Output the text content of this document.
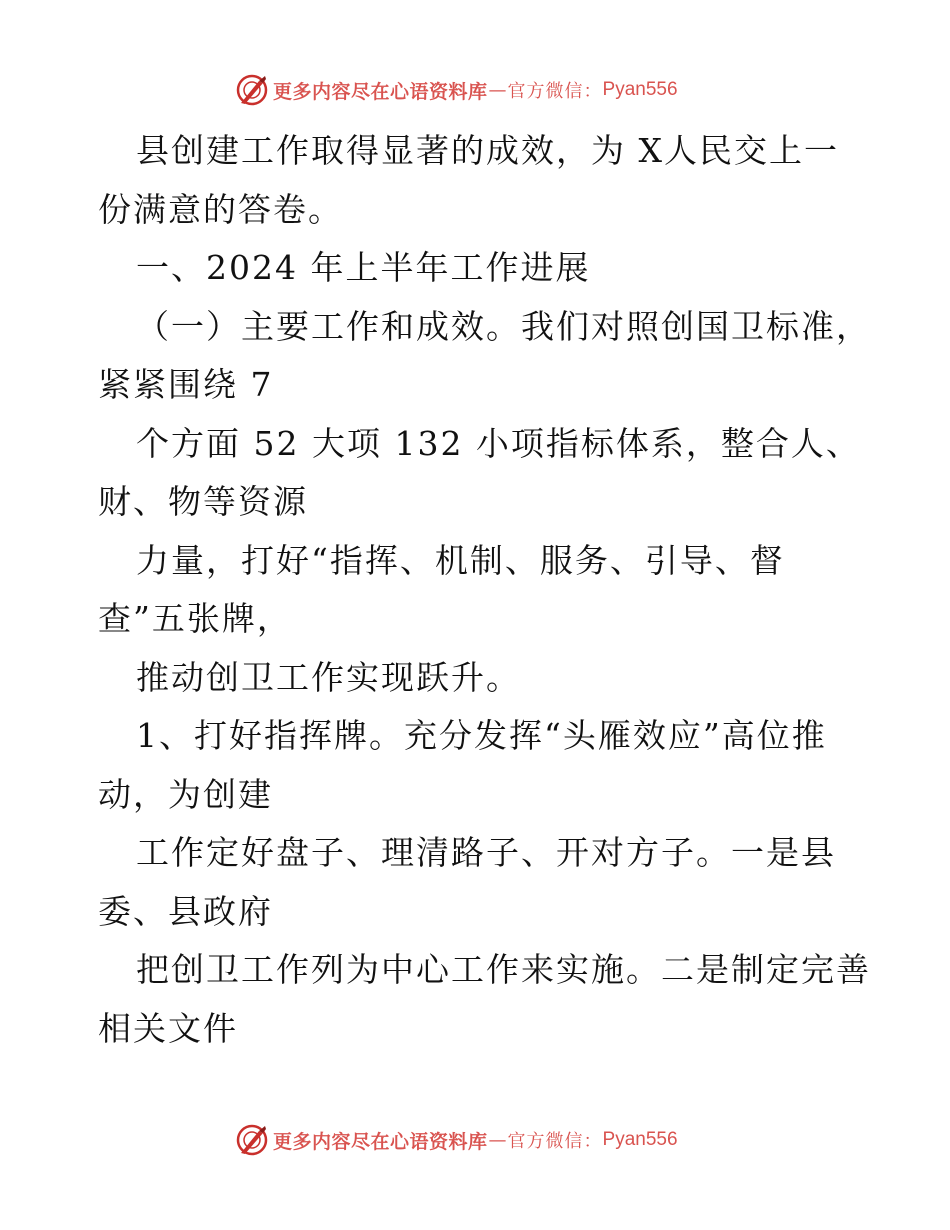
更多内容尽在心语资料库 — 官方微信： Pyan556
县创建工作取得显著的成效，为 X人民交上一
份满意的答卷。
一、2024 年上半年工作进展
（一）主要工作和成效。我们对照创国卫标准，
紧紧围绕 7
个方面 52 大项 132 小项指标体系，整合人、
财、物等资源
力量，打好“指挥、机制、服务、引导、督
查”五张牌，
推动创卫工作实现跃升。
1、打好指挥牌。充分发挥“头雁效应”高位推
动，为创建
工作定好盘子、理清路子、开对方子。一是县
委、县政府
把创卫工作列为中心工作来实施。二是制定完善
相关文件
更多内容尽在心语资料库 — 官方微信： Pyan556
